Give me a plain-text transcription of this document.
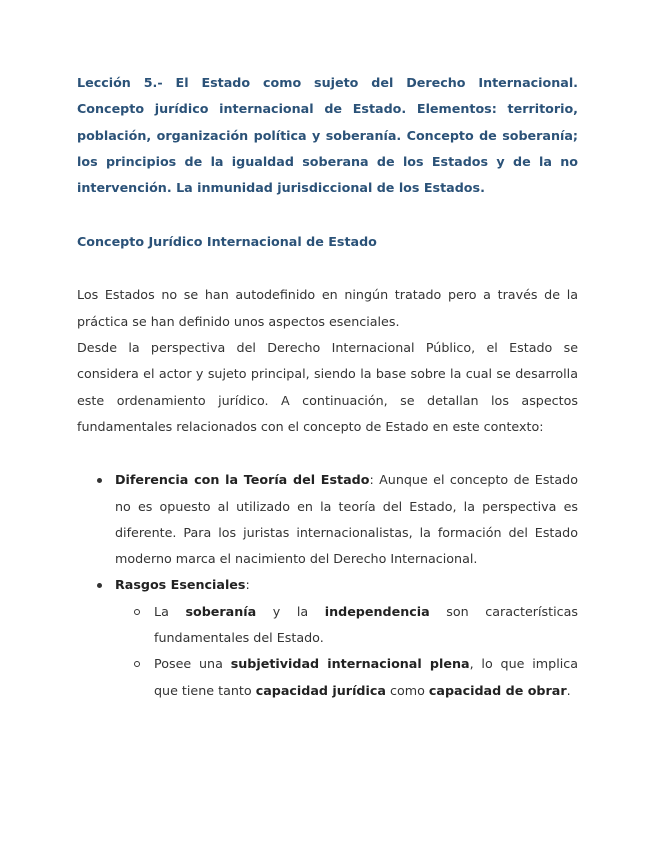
Lección 5.- El Estado como sujeto del Derecho Internacional. Concepto jurídico internacional de Estado. Elementos: territorio, población, organización política y soberanía. Concepto de soberanía; los principios de la igualdad soberana de los Estados y de la no intervención. La inmunidad jurisdiccional de los Estados.

Concepto Jurídico Internacional de Estado

Los Estados no se han autodefinido en ningún tratado pero a través de la práctica se han definido unos aspectos esenciales.

Desde la perspectiva del Derecho Internacional Público, el Estado se considera el actor y sujeto principal, siendo la base sobre la cual se desarrolla este ordenamiento jurídico. A continuación, se detallan los aspectos fundamentales relacionados con el concepto de Estado en este contexto:

Diferencia con la Teoría del Estado: Aunque el concepto de Estado no es opuesto al utilizado en la teoría del Estado, la perspectiva es diferente. Para los juristas internacionalistas, la formación del Estado moderno marca el nacimiento del Derecho Internacional.
Rasgos Esenciales:
La soberanía y la independencia son características fundamentales del Estado.
Posee una subjetividad internacional plena, lo que implica que tiene tanto capacidad jurídica como capacidad de obrar.
